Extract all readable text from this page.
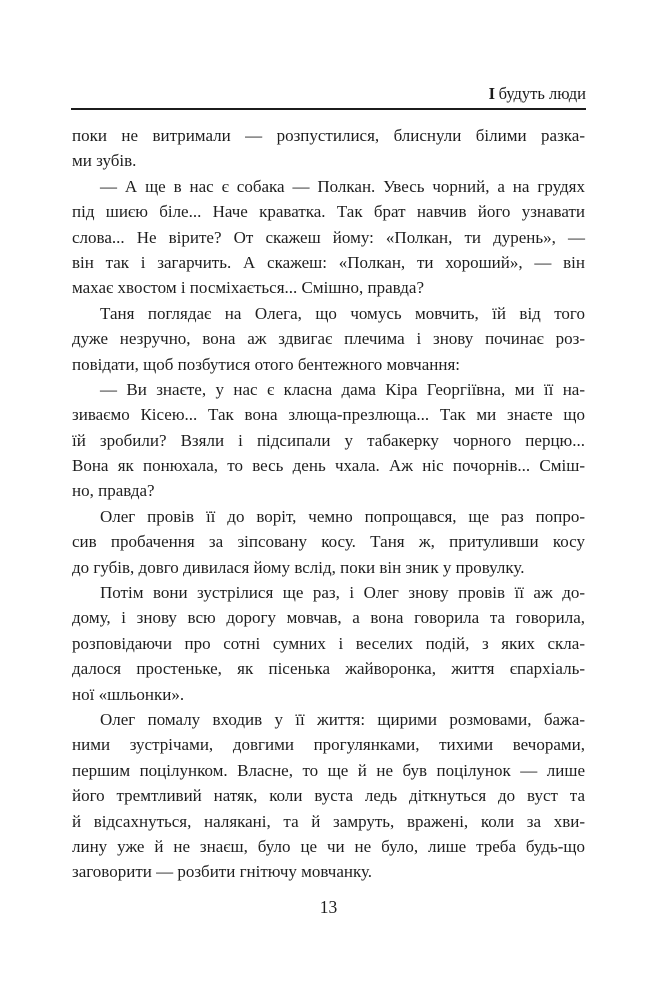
І будуть люди
поки не витримали — розпустилися, блиснули білими разка-
ми зубів.
— А ще в нас є собака — Полкан. Увесь чорний, а на грудях
під шиєю біле... Наче краватка. Так брат навчив його узнавати
слова... Не вірите? От скажеш йому: «Полкан, ти дурень», —
він так і загарчить. А скажеш: «Полкан, ти хороший», — він
махає хвостом і посміхається... Смішно, правда?
Таня поглядає на Олега, що чомусь мовчить, їй від того
дуже незручно, вона аж здвигає плечима і знову починає роз-
повідати, щоб позбутися отого бентежного мовчання:
— Ви знаєте, у нас є класна дама Кіра Георгіївна, ми її на-
зиваємо Кісею... Так вона злюща-презлюща... Так ми знаєте що
їй зробили? Взяли і підсипали у табакерку чорного перцю...
Вона як понюхала, то весь день чхала. Аж ніс почорнів... Сміш-
но, правда?
Олег провів її до воріт, чемно попрощався, ще раз попро-
сив пробачення за зіпсовану косу. Таня ж, притуливши косу
до губів, довго дивилася йому вслід, поки він зник у провулку.
Потім вони зустрілися ще раз, і Олег знову провів її аж до-
дому, і знову всю дорогу мовчав, а вона говорила та говорила,
розповідаючи про сотні сумних і веселих подій, з яких скла-
далося простеньке, як пісенька жайворонка, життя єпархіаль-
ної «шльонки».
Олег помалу входив у її життя: щирими розмовами, бажа-
ними зустрічами, довгими прогулянками, тихими вечорами,
першим поцілунком. Власне, то ще й не був поцілунок — лише
його тремтливий натяк, коли вуста ледь діткнуться до вуст та
й відсахнуться, налякані, та й замруть, вражені, коли за хви-
лину уже й не знаєш, було це чи не було, лише треба будь-що
заговорити — розбити гнітючу мовчанку.
13
